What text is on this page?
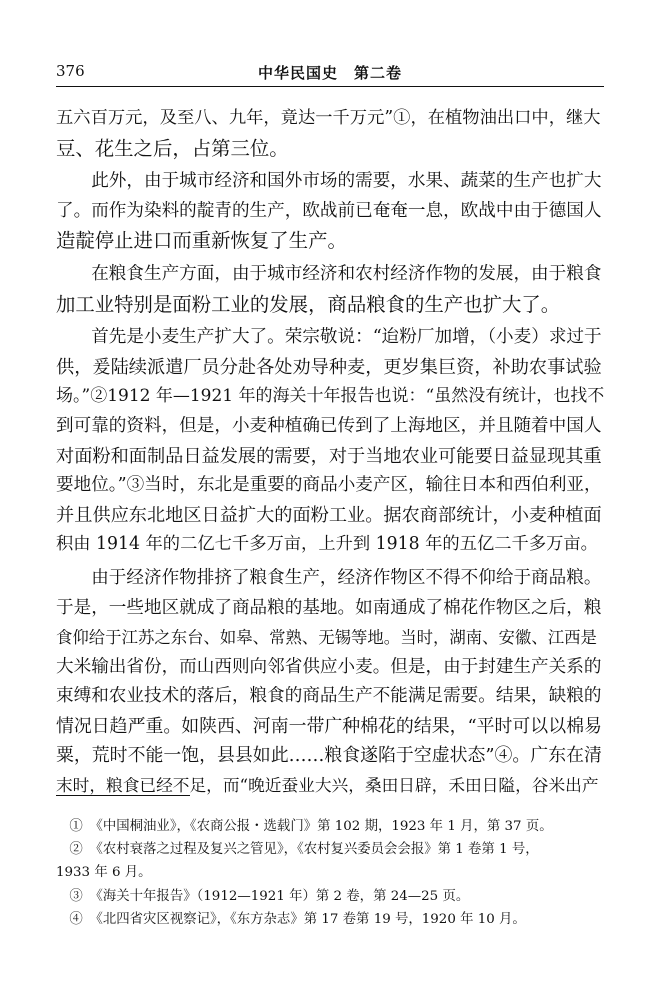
376	中华民国史　第二卷
五六百万元，及至八、九年，竟达一千万元”①，在植物油出口中，继大
豆、花生之后，占第三位。
　　此外，由于城市经济和国外市场的需要，水果、蔬菜的生产也扩大
了。而作为染料的靛青的生产，欧战前已奄奄一息，欧战中由于德国人
造靛停止进口而重新恢复了生产。
　　在粮食生产方面，由于城市经济和农村经济作物的发展，由于粮食
加工业特别是面粉工业的发展，商品粮食的生产也扩大了。
　　首先是小麦生产扩大了。荣宗敬说：“迨粉厂加增，（小麦）求过于
供，爰陆续派遣厂员分赴各处劝导种麦，更岁集巨资，补助农事试验
场。”②1912 年—1921 年的海关十年报告也说：“虽然没有统计，也找不
到可靠的资料，但是，小麦种植确已传到了上海地区，并且随着中国人
对面粉和面制品日益发展的需要，对于当地农业可能要日益显现其重
要地位。”③当时，东北是重要的商品小麦产区，输往日本和西伯利亚，
并且供应东北地区日益扩大的面粉工业。据农商部统计，小麦种植面
积由 1914 年的二亿七千多万亩，上升到 1918 年的五亿二千多万亩。
　　由于经济作物排挤了粮食生产，经济作物区不得不仰给于商品粮。
于是，一些地区就成了商品粮的基地。如南通成了棉花作物区之后，粮
食仰给于江苏之东台、如皋、常熟、无锡等地。当时，湖南、安徽、江西是
大米输出省份，而山西则向邻省供应小麦。但是，由于封建生产关系的
束缚和农业技术的落后，粮食的商品生产不能满足需要。结果，缺粮的
情况日趋严重。如陕西、河南一带广种棉花的结果，“平时可以以棉易
粟，荒时不能一饱，县县如此……粮食遂陷于空虚状态”④。广东在清
末时，粮食已经不足，而“晚近蚕业大兴，桑田日辟，禾田日隘，谷米出产
　①　《中国桐油业》，《农商公报・选载门》第 102 期，1923 年 1 月，第 37 页。
　②　《农村衰落之过程及复兴之管见》，《农村复兴委员会会报》第 1 卷第 1 号，
1933 年 6 月。
　③　《海关十年报告》（1912—1921 年）第 2 卷，第 24—25 页。
　④　《北四省灾区视察记》，《东方杂志》第 17 卷第 19 号，1920 年 10 月。
